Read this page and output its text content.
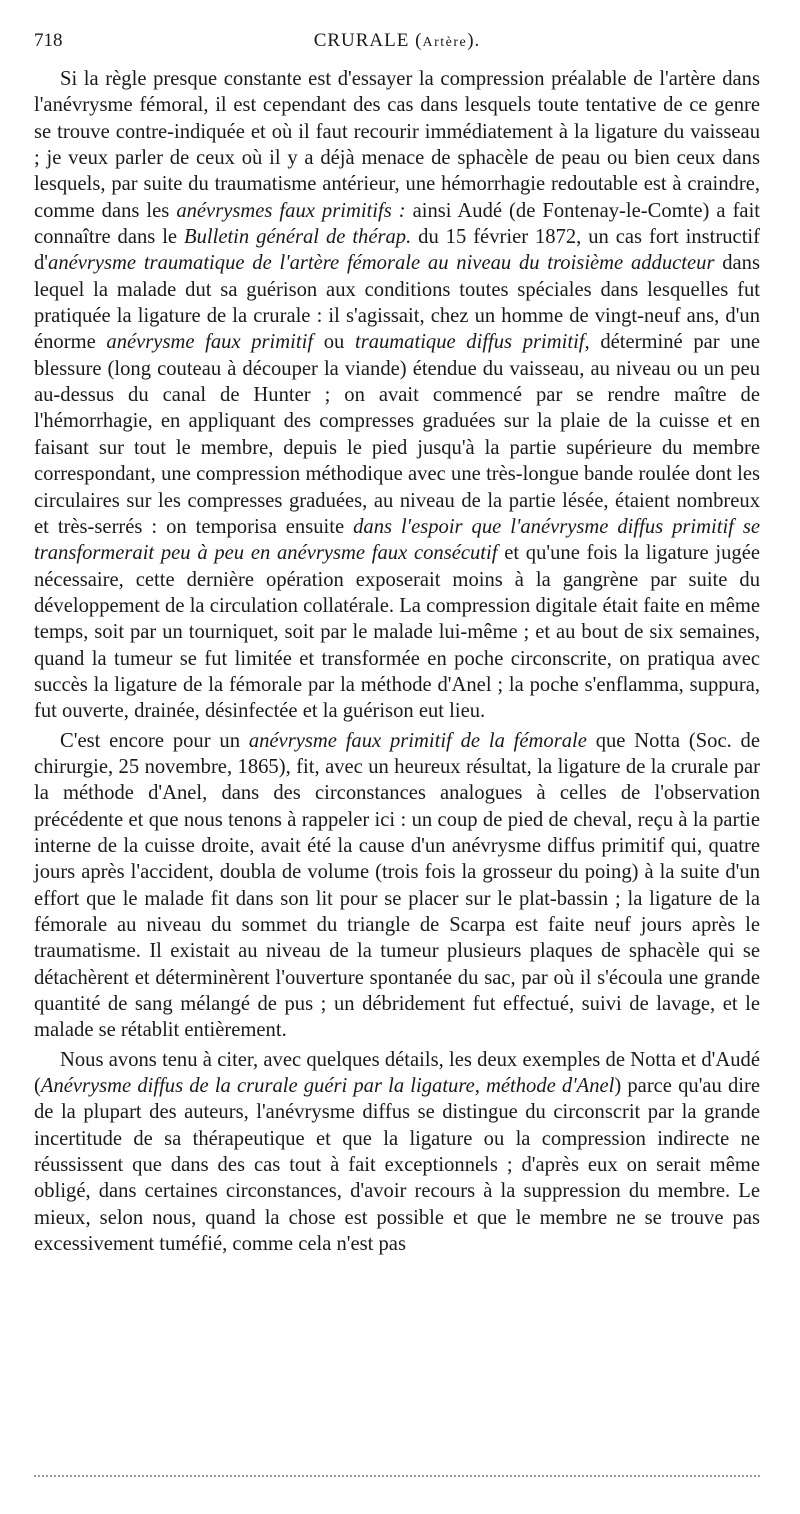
718	CRURALE (Artère).

Si la règle presque constante est d'essayer la compression préalable de l'artère dans l'anévrysme fémoral, il est cependant des cas dans lesquels toute tentative de ce genre se trouve contre-indiquée et où il faut recourir immédiatement à la ligature du vaisseau ; je veux parler de ceux où il y a déjà menace de sphacèle de peau ou bien ceux dans lesquels, par suite du traumatisme antérieur, une hémorrhagie redoutable est à craindre, comme dans les anévrysmes faux primitifs : ainsi Audé (de Fontenay-le-Comte) a fait connaître dans le Bulletin général de thérap. du 15 février 1872, un cas fort instructif d'anévrysme traumatique de l'artère fémorale au niveau du troisième adducteur dans lequel la malade dut sa guérison aux conditions toutes spéciales dans lesquelles fut pratiquée la ligature de la crurale : il s'agissait, chez un homme de vingt-neuf ans, d'un énorme anévrysme faux primitif ou traumatique diffus primitif, déterminé par une blessure (long couteau à découper la viande) étendue du vaisseau, au niveau ou un peu au-dessus du canal de Hunter ; on avait commencé par se rendre maître de l'hémorrhagie, en appliquant des compresses graduées sur la plaie de la cuisse et en faisant sur tout le membre, depuis le pied jusqu'à la partie supérieure du membre correspondant, une compression méthodique avec une très-longue bande roulée dont les circulaires sur les compresses graduées, au niveau de la partie lésée, étaient nombreux et très-serrés : on temporisa ensuite dans l'espoir que l'anévrysme diffus primitif se transformerait peu à peu en anévrysme faux consécutif et qu'une fois la ligature jugée nécessaire, cette dernière opération exposerait moins à la gangrène par suite du développement de la circulation collatérale. La compression digitale était faite en même temps, soit par un tourniquet, soit par le malade lui-même ; et au bout de six semaines, quand la tumeur se fut limitée et transformée en poche circonscrite, on pratiqua avec succès la ligature de la fémorale par la méthode d'Anel ; la poche s'enflamma, suppura, fut ouverte, drainée, désinfectée et la guérison eut lieu.

C'est encore pour un anévrysme faux primitif de la fémorale que Notta (Soc. de chirurgie, 25 novembre, 1865), fit, avec un heureux résultat, la ligature de la crurale par la méthode d'Anel, dans des circonstances analogues à celles de l'observation précédente et que nous tenons à rappeler ici : un coup de pied de cheval, reçu à la partie interne de la cuisse droite, avait été la cause d'un anévrysme diffus primitif qui, quatre jours après l'accident, doubla de volume (trois fois la grosseur du poing) à la suite d'un effort que le malade fit dans son lit pour se placer sur le plat-bassin ; la ligature de la fémorale au niveau du sommet du triangle de Scarpa est faite neuf jours après le traumatisme. Il existait au niveau de la tumeur plusieurs plaques de sphacèle qui se détachèrent et déterminèrent l'ouverture spontanée du sac, par où il s'écoula une grande quantité de sang mélangé de pus ; un débridement fut effectué, suivi de lavage, et le malade se rétablit entièrement.

Nous avons tenu à citer, avec quelques détails, les deux exemples de Notta et d'Audé (Anévrysme diffus de la crurale guéri par la ligature, méthode d'Anel) parce qu'au dire de la plupart des auteurs, l'anévrysme diffus se distingue du circonscrit par la grande incertitude de sa thérapeutique et que la ligature ou la compression indirecte ne réussissent que dans des cas tout à fait exceptionnels ; d'après eux on serait même obligé, dans certaines circonstances, d'avoir recours à la suppression du membre. Le mieux, selon nous, quand la chose est possible et que le membre ne se trouve pas excessivement tuméfié, comme cela n'est pas
